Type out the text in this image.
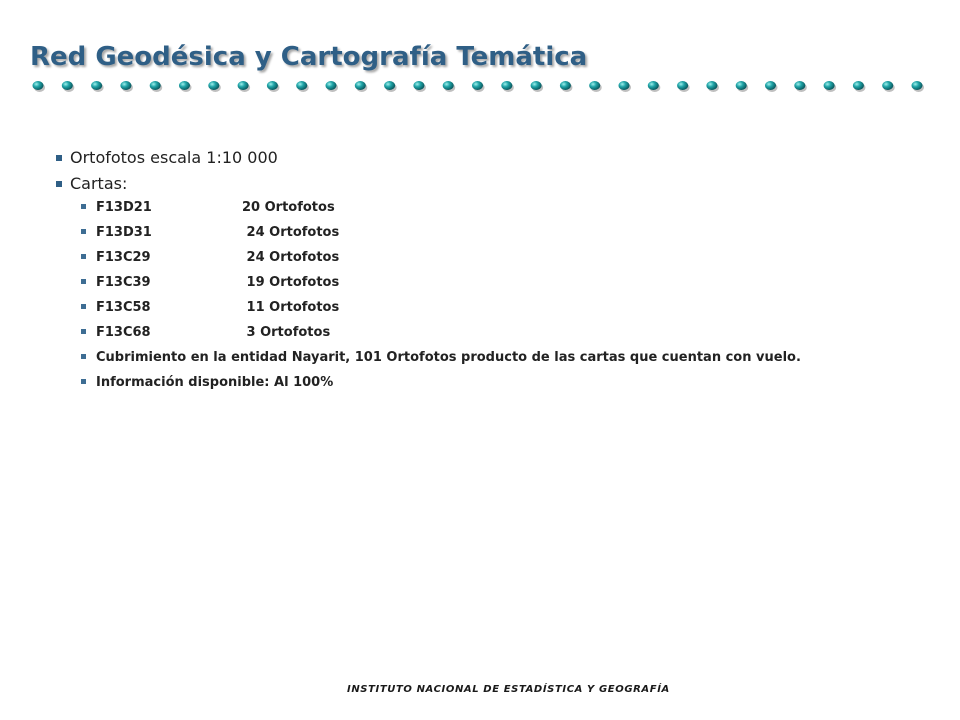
Red Geodésica y Cartografía Temática
Ortofotos escala 1:10 000
Cartas:
F13D21	20 Ortofotos
F13D31	24 Ortofotos
F13C29	24 Ortofotos
F13C39	19 Ortofotos
F13C58	11 Ortofotos
F13C68	3 Ortofotos
Cubrimiento en la entidad Nayarit, 101 Ortofotos producto de las cartas que cuentan con vuelo.
Información disponible: Al 100%
INSTITUTO NACIONAL DE ESTADÍSTICA Y GEOGRAFÍA
